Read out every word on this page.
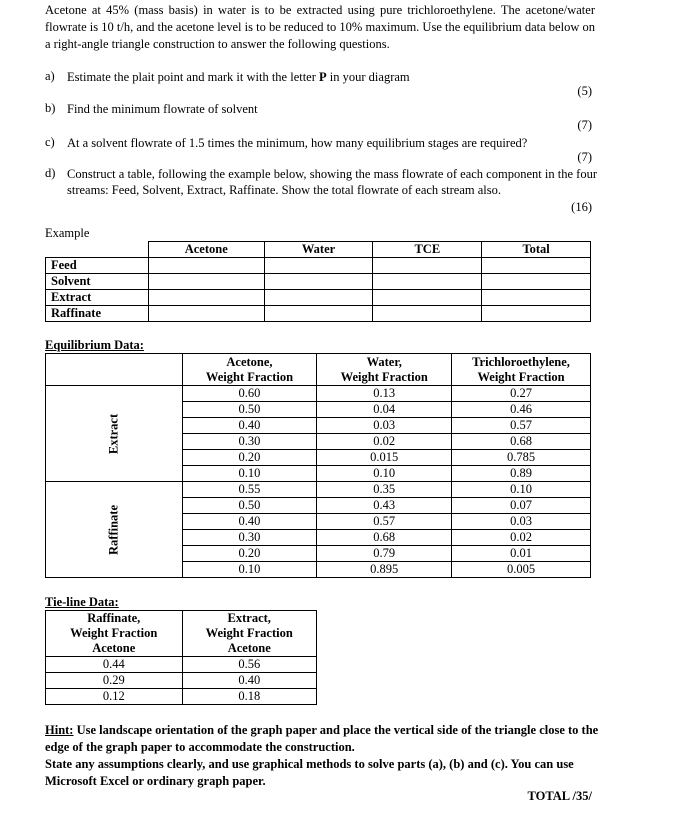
Acetone at 45% (mass basis) in water is to be extracted using pure trichloroethylene. The acetone/water flowrate is 10 t/h, and the acetone level is to be reduced to 10% maximum. Use the equilibrium data below on a right-angle triangle construction to answer the following questions.
a) Estimate the plait point and mark it with the letter P in your diagram
(5)
b) Find the minimum flowrate of solvent
(7)
c) At a solvent flowrate of 1.5 times the minimum, how many equilibrium stages are required?
(7)
d) Construct a table, following the example below, showing the mass flowrate of each component in the four streams: Feed, Solvent, Extract, Raffinate. Show the total flowrate of each stream also.
(16)
Example
	Acetone	Water	TCE	Total
Feed				
Solvent				
Extract				
Raffinate				
Equilibrium Data:
	Acetone,
Weight Fraction	Water,
Weight Fraction	Trichloroethylene,
Weight Fraction

Extract	0.60	0.13	0.27
	0.50	0.04	0.46
	0.40	0.03	0.57
	0.30	0.02	0.68
	0.20	0.015	0.785
	0.10	0.10	0.89

Raffinate	0.55	0.35	0.10
	0.50	0.43	0.07
	0.40	0.57	0.03
	0.30	0.68	0.02
	0.20	0.79	0.01
	0.10	0.895	0.005
Tie-line Data:
Raffinate,
Weight Fraction
Acetone	Extract,
Weight Fraction
Acetone
0.44	0.56
0.29	0.40
0.12	0.18
Hint: Use landscape orientation of the graph paper and place the vertical side of the triangle close to the edge of the graph paper to accommodate the construction.
State any assumptions clearly, and use graphical methods to solve parts (a), (b) and (c). You can use Microsoft Excel or ordinary graph paper.
TOTAL /35/
